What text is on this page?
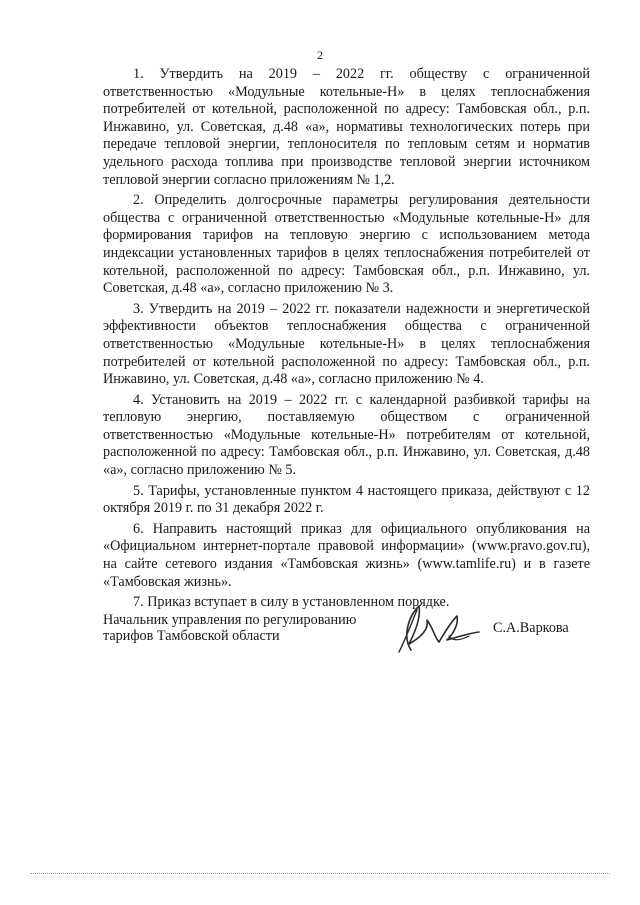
2

1. Утвердить на 2019 – 2022 гг. обществу с ограниченной ответственностью «Модульные котельные-Н» в целях теплоснабжения потребителей от котельной, расположенной по адресу: Тамбовская обл., р.п. Инжавино, ул. Советская, д.48 «а», нормативы технологических потерь при передаче тепловой энергии, теплоносителя по тепловым сетям и норматив удельного расхода топлива при производстве тепловой энергии источником тепловой энергии согласно приложениям № 1,2.

2. Определить долгосрочные параметры регулирования деятельности общества с ограниченной ответственностью «Модульные котельные-Н» для формирования тарифов на тепловую энергию с использованием метода индексации установленных тарифов в целях теплоснабжения потребителей от котельной, расположенной по адресу: Тамбовская обл., р.п. Инжавино, ул. Советская, д.48 «а», согласно приложению № 3.

3. Утвердить на 2019 – 2022 гг. показатели надежности и энергетической эффективности объектов теплоснабжения общества с ограниченной ответственностью «Модульные котельные-Н» в целях теплоснабжения потребителей от котельной расположенной по адресу: Тамбовская обл., р.п. Инжавино, ул. Советская, д.48 «а», согласно приложению № 4.

4. Установить на 2019 – 2022 гг. с календарной разбивкой тарифы на тепловую энергию, поставляемую обществом с ограниченной ответственностью «Модульные котельные-Н» потребителям от котельной, расположенной по адресу: Тамбовская обл., р.п. Инжавино, ул. Советская, д.48 «а», согласно приложению № 5.

5. Тарифы, установленные пунктом 4 настоящего приказа, действуют с 12 октября 2019 г. по 31 декабря 2022 г.

6. Направить настоящий приказ для официального опубликования на «Официальном интернет-портале правовой информации» (www.pravo.gov.ru), на сайте сетевого издания «Тамбовская жизнь» (www.tamlife.ru) и в газете «Тамбовская жизнь».

7. Приказ вступает в силу в установленном порядке.

Начальник управления по регулированию
тарифов Тамбовской области	С.А.Варкова
